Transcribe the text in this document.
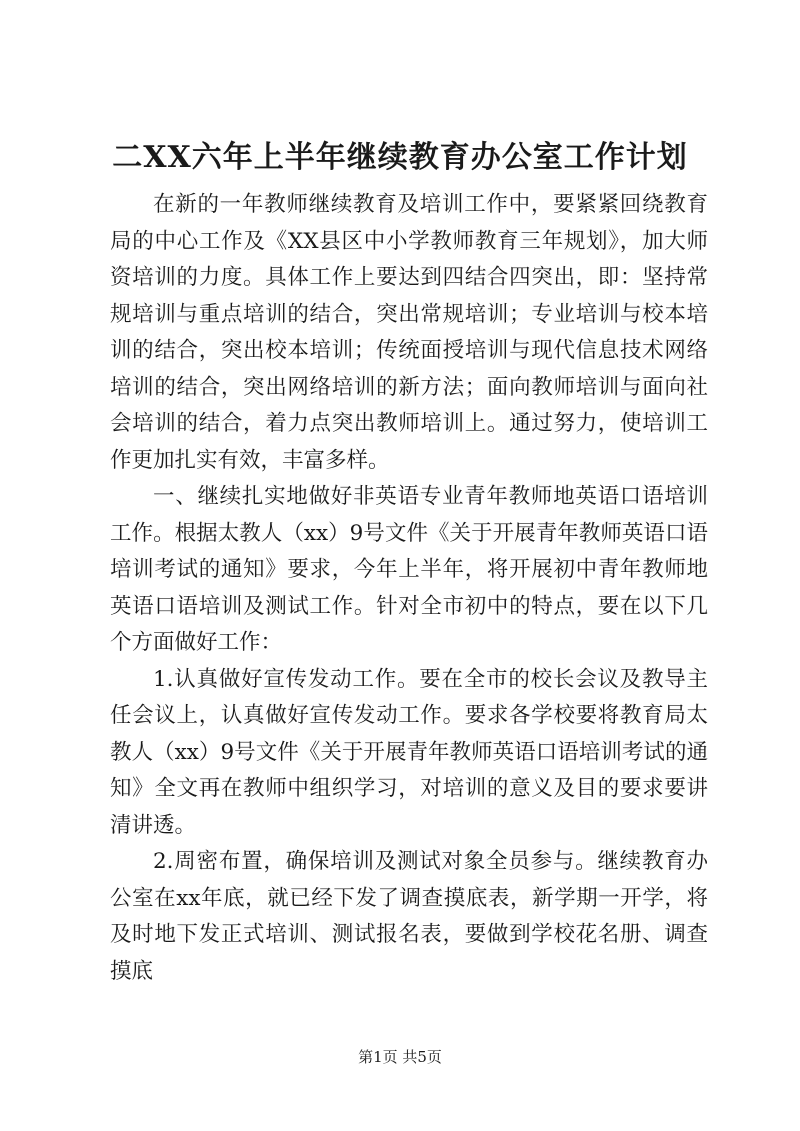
二XX六年上半年继续教育办公室工作计划

在新的一年教师继续教育及培训工作中，要紧紧回绕教育局的中心工作及《XX县区中小学教师教育三年规划》，加大师资培训的力度。具体工作上要达到四结合四突出，即：坚持常规培训与重点培训的结合，突出常规培训；专业培训与校本培训的结合，突出校本培训；传统面授培训与现代信息技术网络培训的结合，突出网络培训的新方法；面向教师培训与面向社会培训的结合，着力点突出教师培训上。通过努力，使培训工作更加扎实有效，丰富多样。

一、继续扎实地做好非英语专业青年教师地英语口语培训工作。根据太教人（xx）9号文件《关于开展青年教师英语口语培训考试的通知》要求，今年上半年，将开展初中青年教师地英语口语培训及测试工作。针对全市初中的特点，要在以下几个方面做好工作：

1.认真做好宣传发动工作。要在全市的校长会议及教导主任会议上，认真做好宣传发动工作。要求各学校要将教育局太教人（xx）9号文件《关于开展青年教师英语口语培训考试的通知》全文再在教师中组织学习，对培训的意义及目的要求要讲清讲透。

2.周密布置，确保培训及测试对象全员参与。继续教育办公室在xx年底，就已经下发了调查摸底表，新学期一开学，将及时地下发正式培训、测试报名表，要做到学校花名册、调查摸底

第1页 共5页
